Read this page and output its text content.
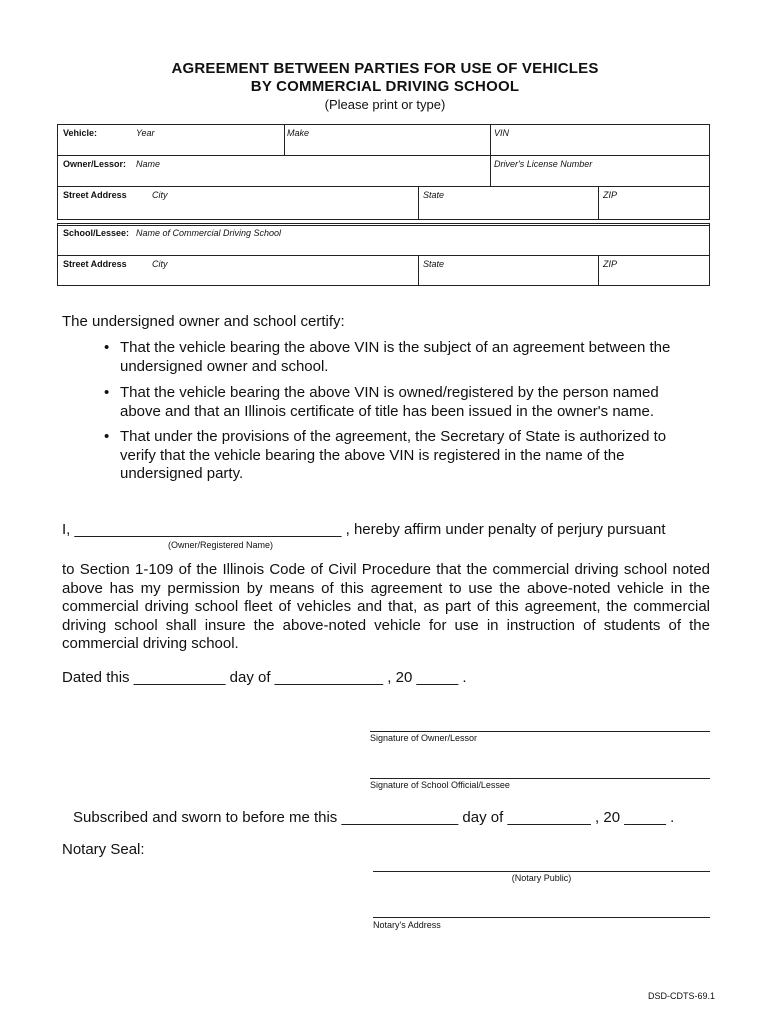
AGREEMENT BETWEEN PARTIES FOR USE OF VEHICLES
BY COMMERCIAL DRIVING SCHOOL
(Please print or type)
Vehicle:	Year	Make	VIN
Owner/Lessor: Name	Driver's License Number
Street Address	City	State	ZIP
School/Lessee: Name of Commercial Driving School
Street Address	City	State	ZIP
The undersigned owner and school certify:
• That the vehicle bearing the above VIN is the subject of an agreement between the undersigned owner and school.
• That the vehicle bearing the above VIN is owned/registered by the person named above and that an Illinois certificate of title has been issued in the owner's name.
• That under the provisions of the agreement, the Secretary of State is authorized to verify that the vehicle bearing the above VIN is registered in the name of the undersigned party.
I, ________________________________ , hereby affirm under penalty of perjury pursuant
(Owner/Registered Name)
to Section 1-109 of the Illinois Code of Civil Procedure that the commercial driving school noted above has my permission by means of this agreement to use the above-noted vehicle in the commercial driving school fleet of vehicles and that, as part of this agreement, the commercial driving school shall insure the above-noted vehicle for use in instruction of students of the commercial driving school.
Dated this ___________ day of _____________ , 20 _____ .
Signature of Owner/Lessor
Signature of School Official/Lessee
Subscribed and sworn to before me this ______________ day of __________ , 20 _____ .
Notary Seal:
(Notary Public)
Notary's Address
DSD-CDTS-69.1
